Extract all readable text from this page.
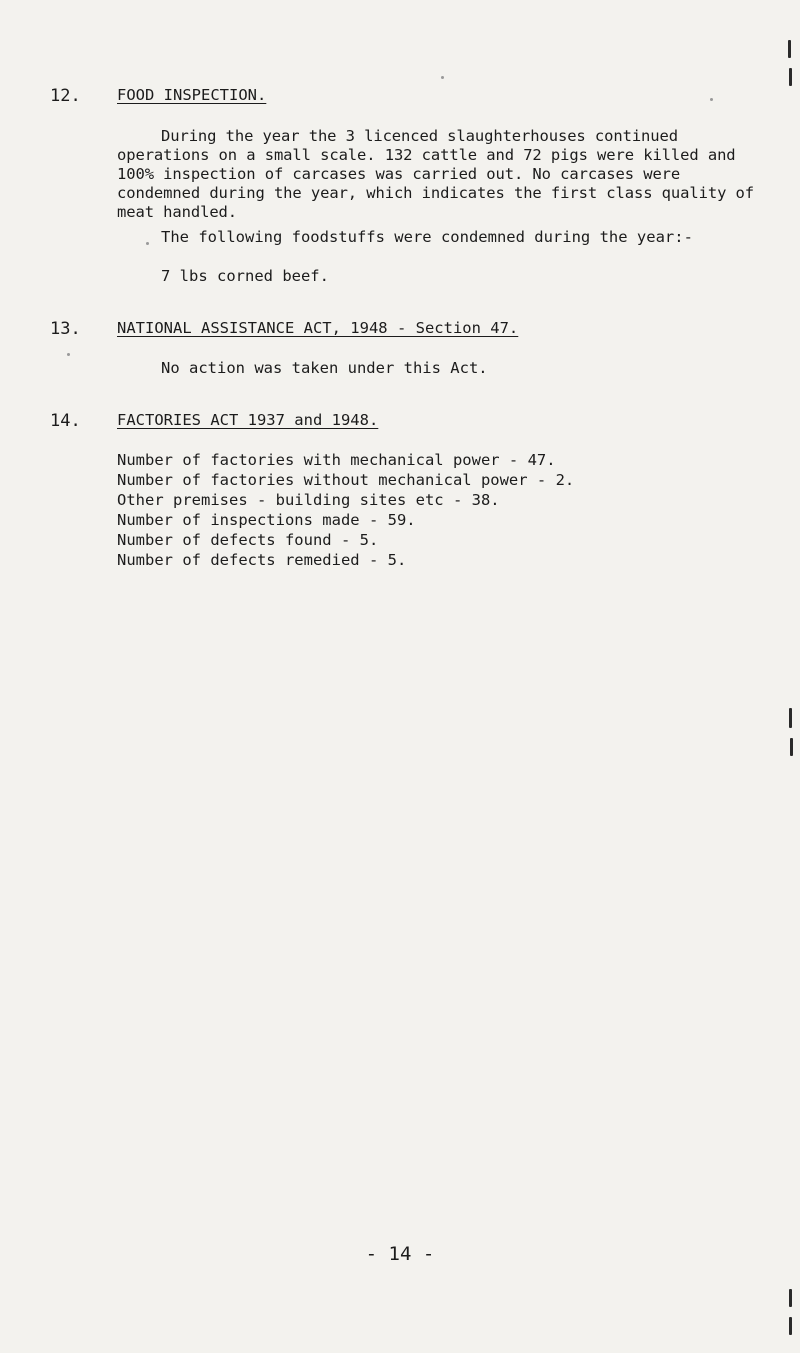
12. FOOD INSPECTION.
During the year the 3 licenced slaughterhouses continued operations on a small scale. 132 cattle and 72 pigs were killed and 100% inspection of carcases was carried out. No carcases were condemned during the year, which indicates the first class quality of meat handled.
The following foodstuffs were condemned during the year:-
7 lbs corned beef.
13. NATIONAL ASSISTANCE ACT, 1948 - Section 47.
No action was taken under this Act.
14. FACTORIES ACT 1937 and 1948.
Number of factories with mechanical power - 47.
Number of factories without mechanical power - 2.
Other premises - building sites etc - 38.
Number of inspections made - 59.
Number of defects found - 5.
Number of defects remedied - 5.
- 14 -
